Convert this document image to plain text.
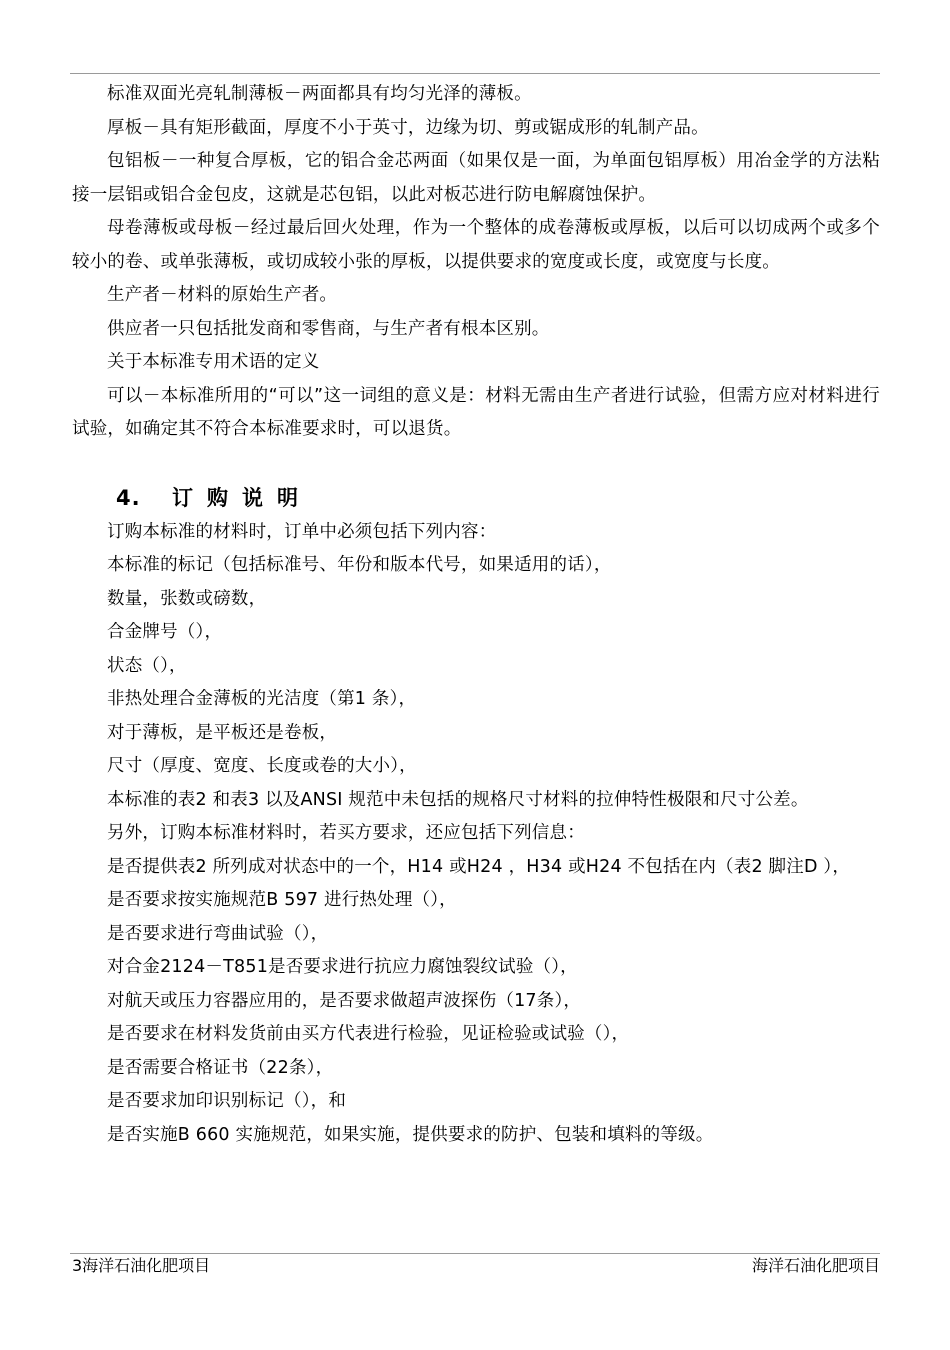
标准双面光亮轧制薄板－两面都具有均匀光泽的薄板。

厚板－具有矩形截面，厚度不小于英寸，边缘为切、剪或锯成形的轧制产品。

包铝板－一种复合厚板，它的铝合金芯两面（如果仅是一面，为单面包铝厚板）用冶金学的方法粘接一层铝或铝合金包皮，这就是芯包铝，以此对板芯进行防电解腐蚀保护。

母卷薄板或母板－经过最后回火处理，作为一个整体的成卷薄板或厚板，以后可以切成两个或多个较小的卷、或单张薄板，或切成较小张的厚板，以提供要求的宽度或长度，或宽度与长度。

生产者－材料的原始生产者。

供应者一只包括批发商和零售商，与生产者有根本区别。

关于本标准专用术语的定义

可以－本标准所用的“可以”这一词组的意义是：材料无需由生产者进行试验，但需方应对材料进行试验，如确定其不符合本标准要求时，可以退货。

4. 订购说明

订购本标准的材料时，订单中必须包括下列内容：

本标准的标记（包括标准号、年份和版本代号，如果适用的话），

数量，张数或磅数，

合金牌号（），

状态（），

非热处理合金薄板的光洁度（第1 条），

对于薄板，是平板还是卷板，

尺寸（厚度、宽度、长度或卷的大小），

本标准的表2 和表3 以及ANSI 规范中未包括的规格尺寸材料的拉伸特性极限和尺寸公差。

另外，订购本标准材料时，若买方要求，还应包括下列信息：

是否提供表2 所列成对状态中的一个，H14 或H24 ，H34 或H24 不包括在内（表2 脚注D ），

是否要求按实施规范B 597 进行热处理（），

是否要求进行弯曲试验（），

对合金2124－T851是否要求进行抗应力腐蚀裂纹试验（），

对航天或压力容器应用的，是否要求做超声波探伤（17条），

是否要求在材料发货前由买方代表进行检验，见证检验或试验（），

是否需要合格证书（22条），

是否要求加印识别标记（），和

是否实施B 660 实施规范，如果实施，提供要求的防护、包装和填料的等级。

3海洋石油化肥项目	海洋石油化肥项目
